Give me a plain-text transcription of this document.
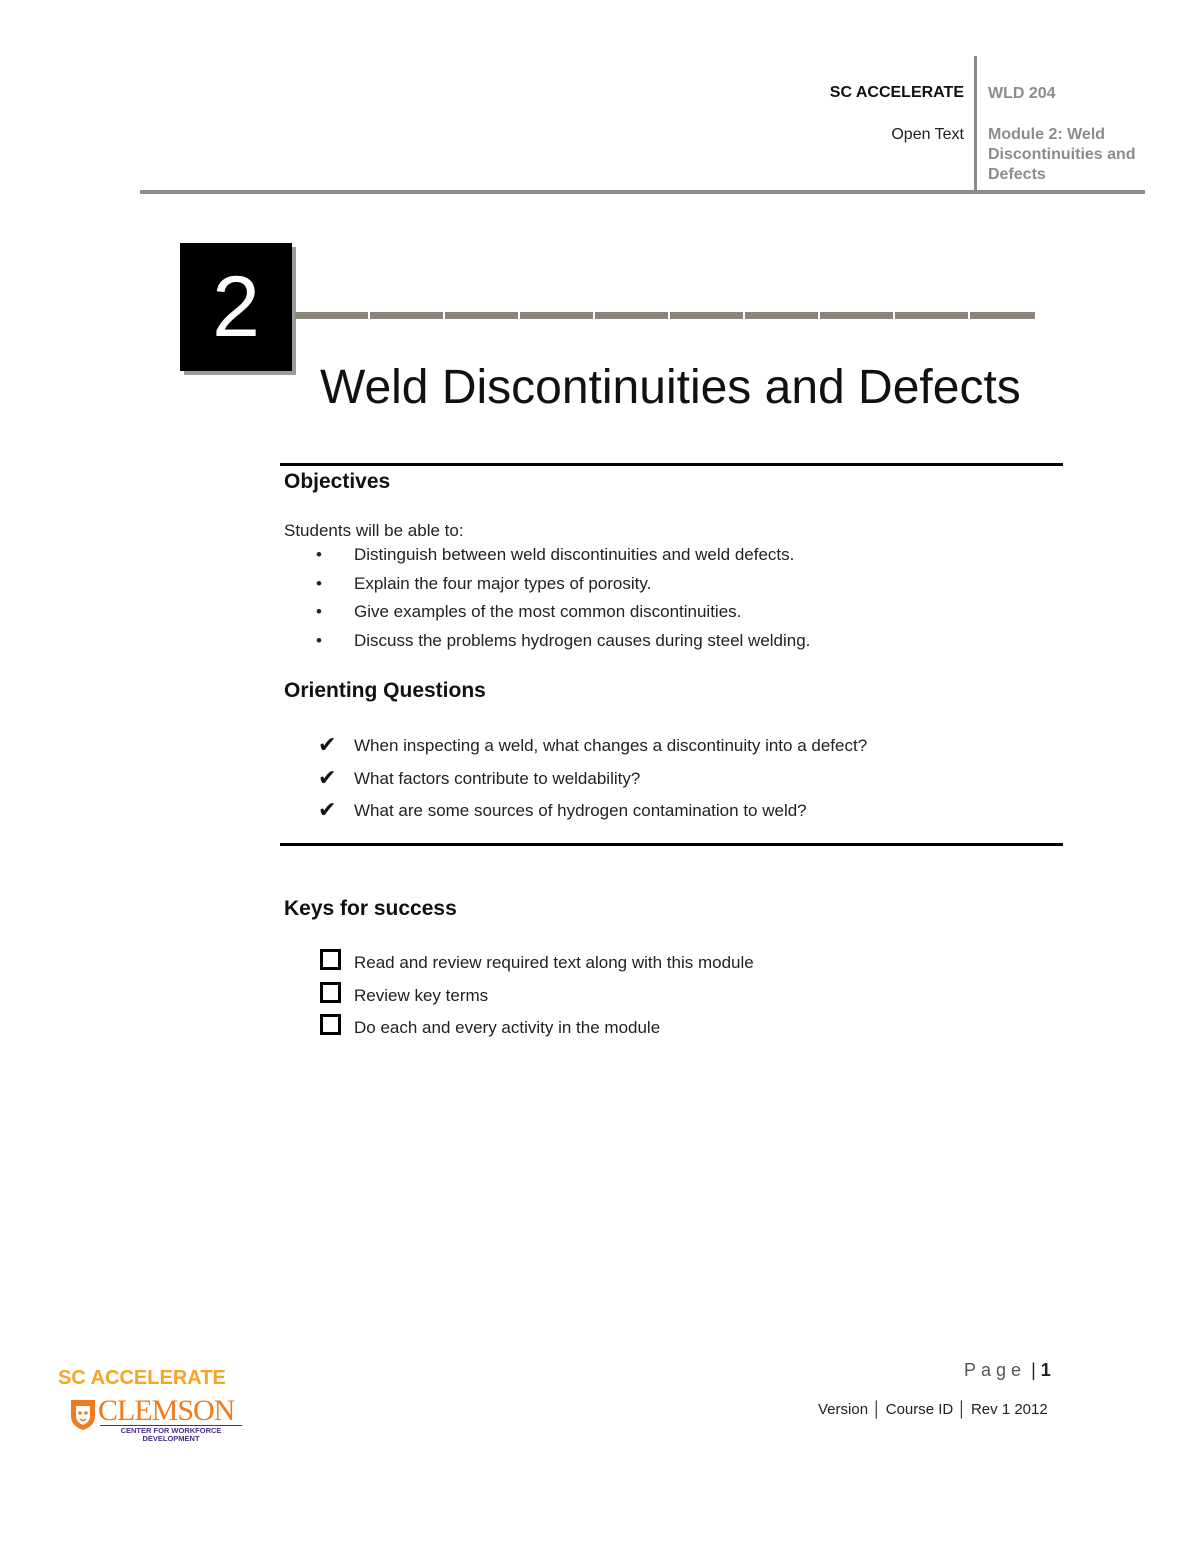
SC ACCELERATE
Open Text
WLD 204
Module 2: Weld Discontinuities and Defects
2
Weld Discontinuities and Defects
Objectives
Students will be able to:
• Distinguish between weld discontinuities and weld defects.
• Explain the four major types of porosity.
• Give examples of the most common discontinuities.
• Discuss the problems hydrogen causes during steel welding.
Orienting Questions
✔ When inspecting a weld, what changes a discontinuity into a defect?
✔ What factors contribute to weldability?
✔ What are some sources of hydrogen contamination to weld?
Keys for success
Read and review required text along with this module
Review key terms
Do each and every activity in the module
Page | 1
Version │ Course ID │ Rev 1 2012
SC ACCELERATE
CLEMSON
CENTER FOR WORKFORCE DEVELOPMENT
